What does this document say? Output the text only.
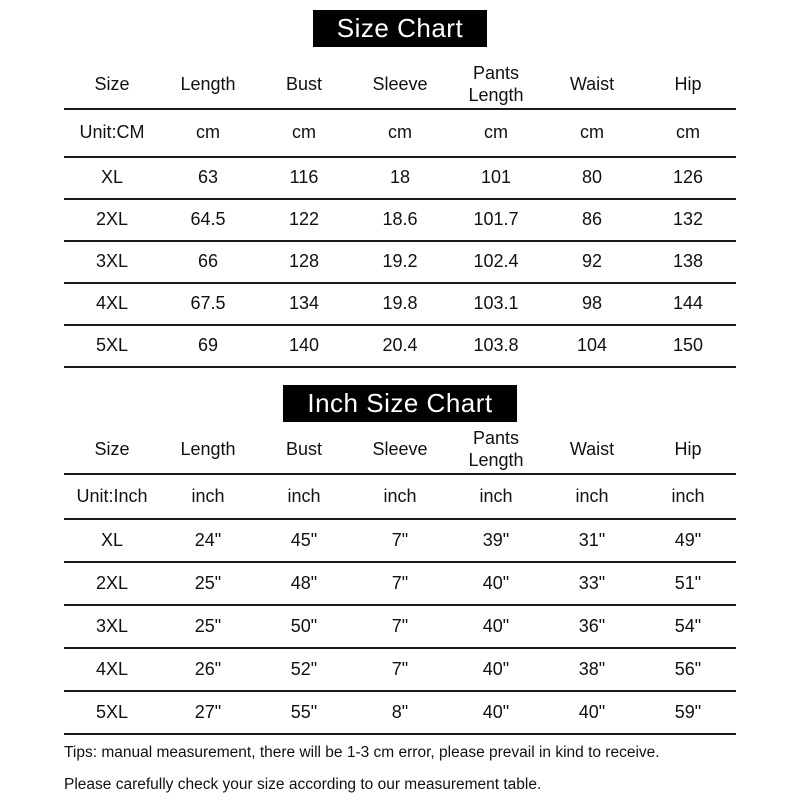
Size Chart
Size	Length	Bust	Sleeve	Pants Length	Waist	Hip
Unit:CM	cm	cm	cm	cm	cm	cm
XL	63	116	18	101	80	126
2XL	64.5	122	18.6	101.7	86	132
3XL	66	128	19.2	102.4	92	138
4XL	67.5	134	19.8	103.1	98	144
5XL	69	140	20.4	103.8	104	150
Inch Size Chart
Size	Length	Bust	Sleeve	Pants Length	Waist	Hip
Unit:Inch	inch	inch	inch	inch	inch	inch
XL	24"	45"	7"	39"	31"	49"
2XL	25"	48"	7"	40"	33"	51"
3XL	25"	50"	7"	40"	36"	54"
4XL	26"	52"	7"	40"	38"	56"
5XL	27"	55"	8"	40"	40"	59"

Tips: manual measurement, there will be 1-3 cm error, please prevail in kind to receive.

Please carefully check your size according to our measurement table.
